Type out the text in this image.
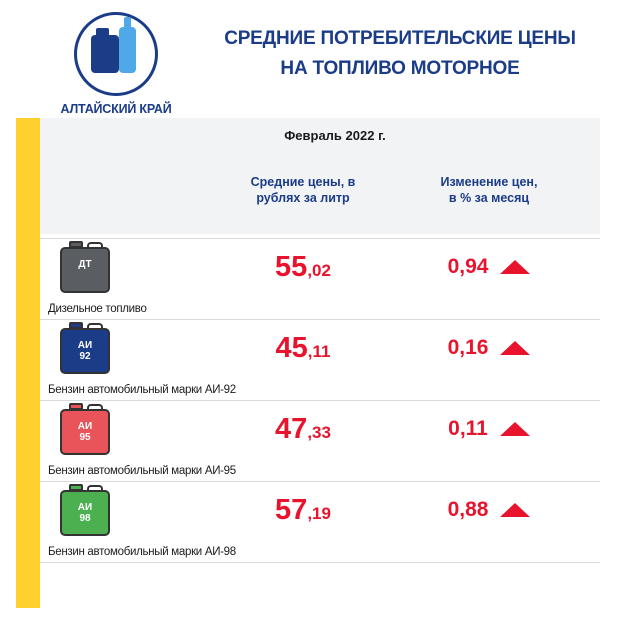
АЛТАЙСКИЙ КРАЙ
СРЕДНИЕ ПОТРЕБИТЕЛЬСКИЕ ЦЕНЫ
НА ТОПЛИВО МОТОРНОЕ
Февраль 2022 г.
Средние цены, в
рублях за литр
Изменение цен,
в % за месяц
ДТ
Дизельное топливо
55,02	0,94
АИ
92
Бензин автомобильный марки АИ-92
45,11	0,16
АИ
95
Бензин автомобильный марки АИ-95
47,33	0,11
АИ
98
Бензин автомобильный марки АИ-98
57,19	0,88
